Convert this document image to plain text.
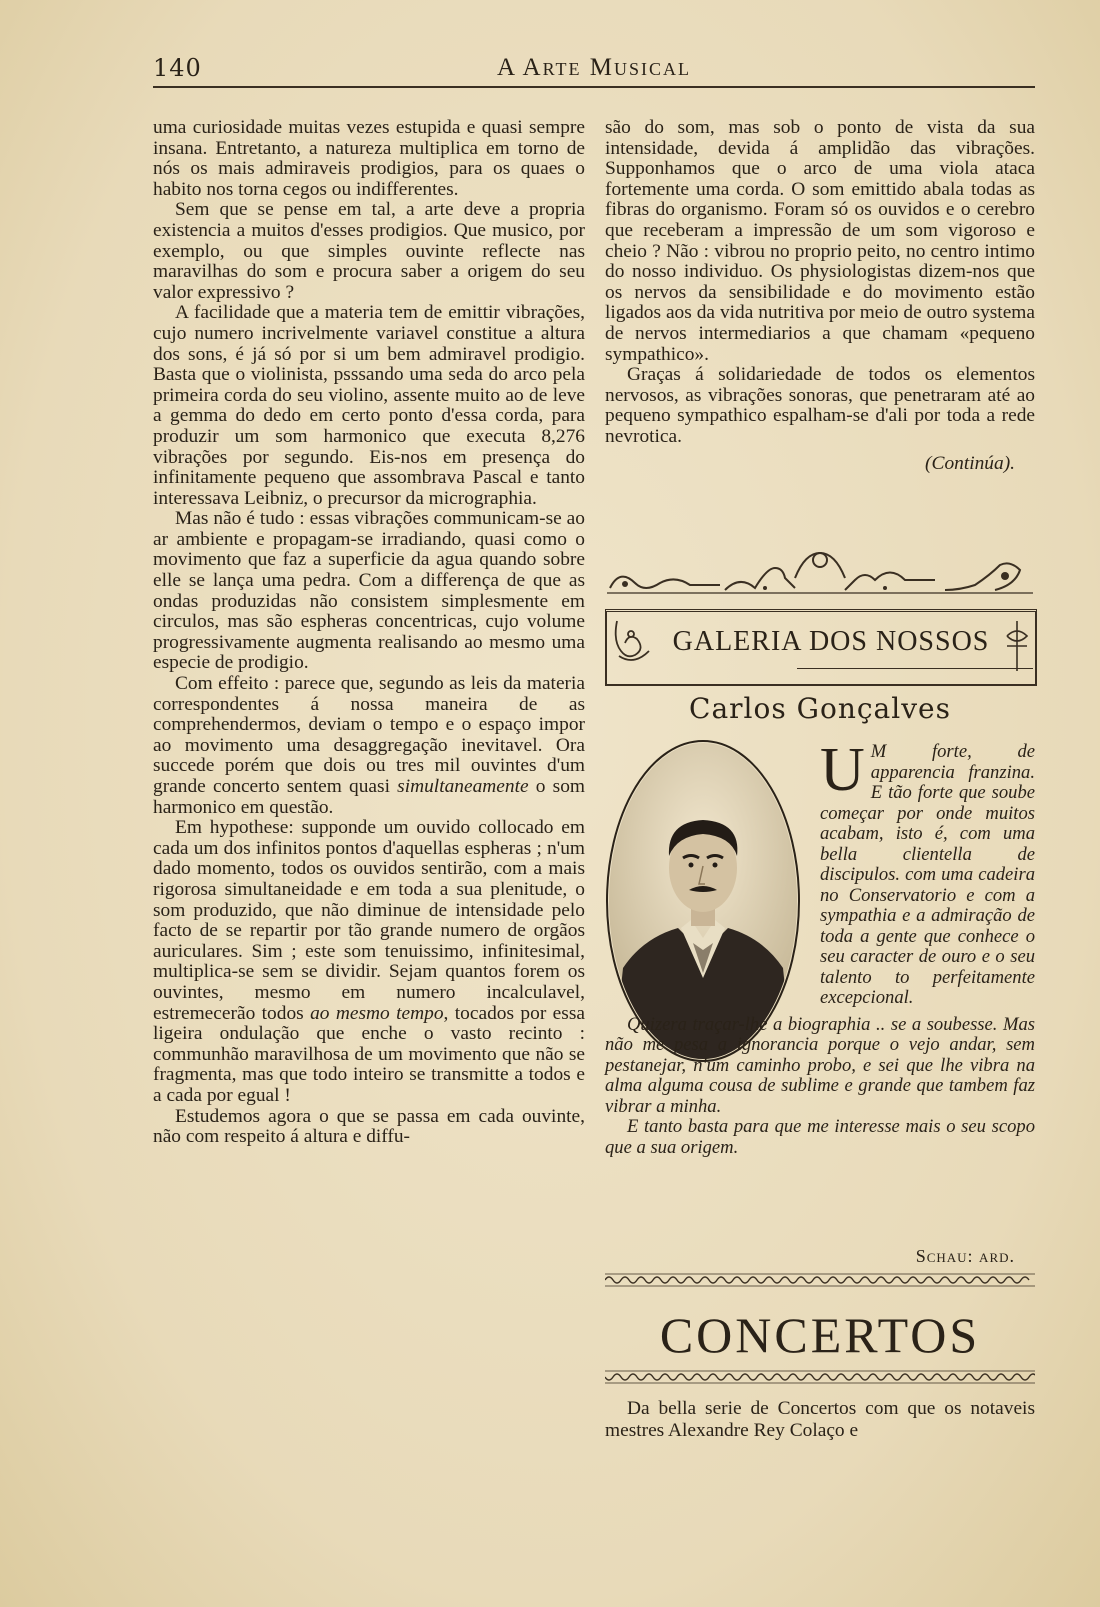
140	A Arte Musical

uma curiosidade muitas vezes estupida e quasi sempre insana. Entretanto, a natureza multiplica em torno de nós os mais admiraveis prodigios, para os quaes o habito nos torna cegos ou indifferentes.

Sem que se pense em tal, a arte deve a propria existencia a muitos d'esses prodigios. Que musico, por exemplo, ou que simples ouvinte reflecte nas maravilhas do som e procura saber a origem do seu valor expressivo ?

A facilidade que a materia tem de emittir vibrações, cujo numero incrivelmente variavel constitue a altura dos sons, é já só por si um bem admiravel prodigio. Basta que o violinista, psssando uma seda do arco pela primeira corda do seu violino, assente muito ao de leve a gemma do dedo em certo ponto d'essa corda, para produzir um som harmonico que executa 8,276 vibrações por segundo. Eis-nos em presença do infinitamente pequeno que assombrava Pascal e tanto interessava Leibniz, o precursor da micrographia.

Mas não é tudo : essas vibrações communicam-se ao ar ambiente e propagam-se irradiando, quasi como o movimento que faz a superficie da agua quando sobre elle se lança uma pedra. Com a differença de que as ondas produzidas não consistem simplesmente em circulos, mas são espheras concentricas, cujo volume progressivamente augmenta realisando ao mesmo uma especie de prodigio.

Com effeito : parece que, segundo as leis da materia correspondentes á nossa maneira de as comprehendermos, deviam o tempo e o espaço impor ao movimento uma desaggregação inevitavel. Ora succede porém que dois ou tres mil ouvintes d'um grande concerto sentem quasi simultaneamente o som harmonico em questão.

Em hypothese: supponde um ouvido collocado em cada um dos infinitos pontos d'aquellas espheras ; n'um dado momento, todos os ouvidos sentirão, com a mais rigorosa simultaneidade e em toda a sua plenitude, o som produzido, que não diminue de intensidade pelo facto de se repartir por tão grande numero de orgãos auriculares. Sim ; este som tenuissimo, infinitesimal, multiplica-se sem se dividir. Sejam quantos forem os ouvintes, mesmo em numero incalculavel, estremecerão todos ao mesmo tempo, tocados por essa ligeira ondulação que enche o vasto recinto : communhão maravilhosa de um movimento que não se fragmenta, mas que todo inteiro se transmitte a todos e a cada por egual !

Estudemos agora o que se passa em cada ouvinte, não com respeito á altura e diffu-

são do som, mas sob o ponto de vista da sua intensidade, devida á amplidão das vibrações. Supponhamos que o arco de uma viola ataca fortemente uma corda. O som emittido abala todas as fibras do organismo. Foram só os ouvidos e o cerebro que receberam a impressão de um som vigoroso e cheio ? Não : vibrou no proprio peito, no centro intimo do nosso individuo. Os physiologistas dizem-nos que os nervos da sensibilidade e do movimento estão ligados aos da vida nutritiva por meio de outro systema de nervos intermediarios a que chamam «pequeno sympathico».

Graças á solidariedade de todos os elementos nervosos, as vibrações sonoras, que penetraram até ao pequeno sympathico espalham-se d'ali por toda a rede nevrotica.

(Continúa).
GALERIA DOS NOSSOS
Carlos Gonçalves
U M forte, de apparencia franzina. E tão forte que soube começar por onde muitos acabam, isto é, com uma bella clientella de discipulos. com uma cadeira no Conservatorio e com a sympathia e a admiração de toda a gente que conhece o seu caracter de ouro e o seu talento to perfeitamente excepcional.

Quizera traçar-lhe a biographia .. se a soubesse. Mas não me pesa a ignorancia porque o vejo andar, sem pestanejar, n'um caminho probo, e sei que lhe vibra na alma alguma cousa de sublime e grande que tambem faz vibrar a minha.

E tanto basta para que me interesse mais o seu scopo que a sua origem.

Schau: ard.
CONCERTOS

Da bella serie de Concertos com que os notaveis mestres Alexandre Rey Colaço e
